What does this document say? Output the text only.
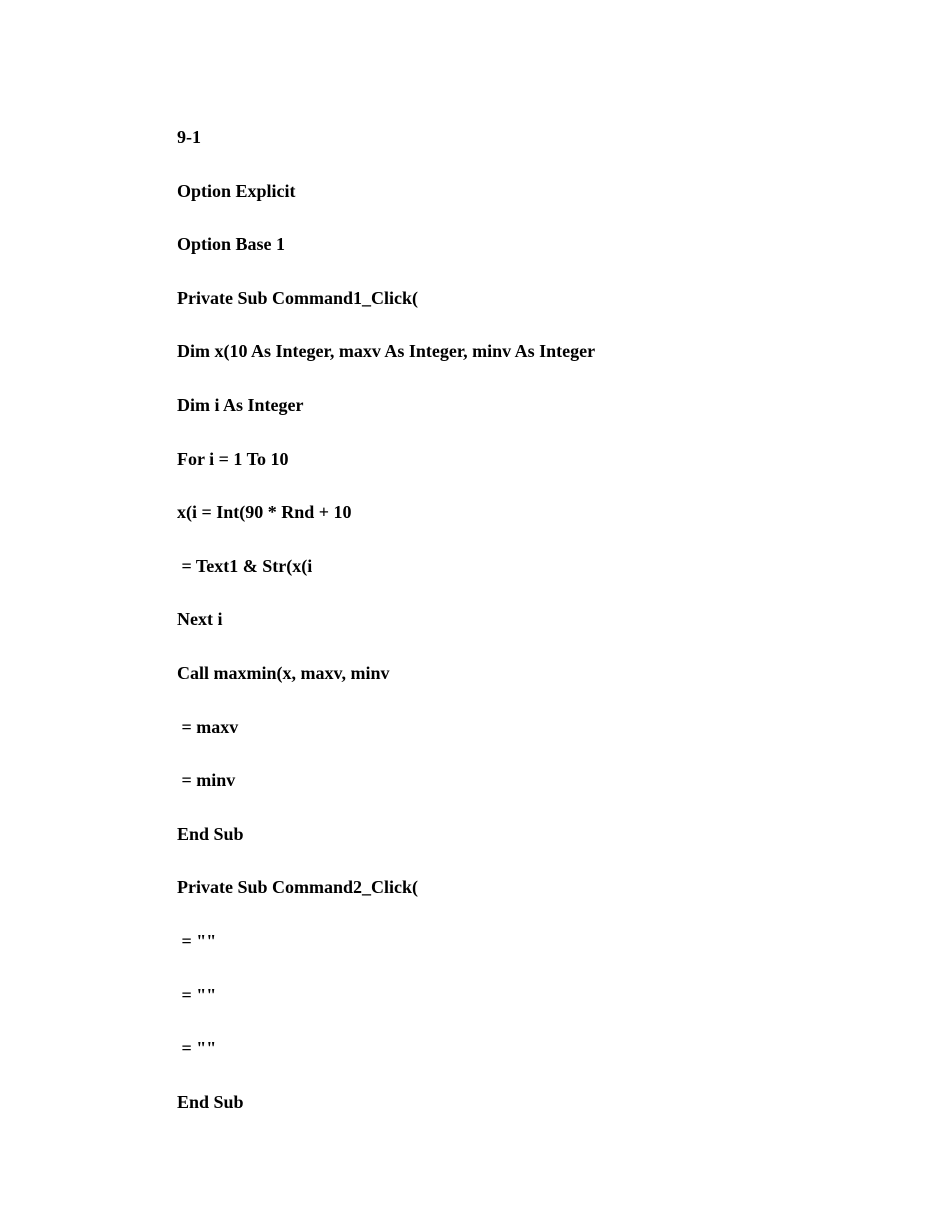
9-1
Option Explicit
Option Base 1
Private Sub Command1_Click(
Dim x(10 As Integer, maxv As Integer, minv As Integer
Dim i As Integer
For i = 1 To 10
x(i = Int(90 * Rnd + 10
= Text1 & Str(x(i
Next i
Call maxmin(x, maxv, minv
= maxv
= minv
End Sub
Private Sub Command2_Click(
= ""
= ""
= ""
End Sub
